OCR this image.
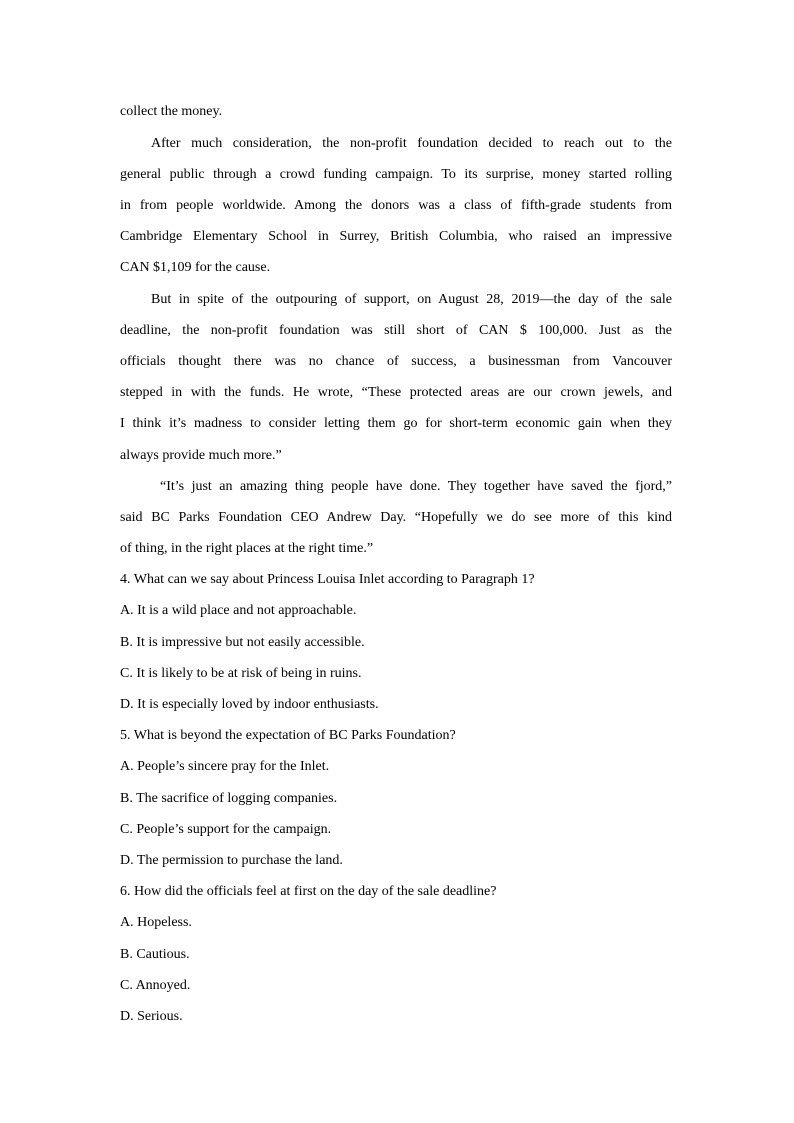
collect the money.
After much consideration, the non-profit foundation decided to reach out to the
general public through a crowd funding campaign. To its surprise, money started rolling
in from people worldwide. Among the donors was a class of fifth-grade students from
Cambridge Elementary School in Surrey, British Columbia, who raised an impressive
CAN $1,109 for the cause.
But in spite of the outpouring of support, on August 28, 2019—the day of the sale
deadline, the non-profit foundation was still short of CAN $ 100,000. Just as the
officials thought there was no chance of success, a businessman from Vancouver
stepped in with the funds. He wrote, “These protected areas are our crown jewels, and
I think it’s madness to consider letting them go for short-term economic gain when they
always provide much more.”
“It’s just an amazing thing people have done. They together have saved the fjord,”
said BC Parks Foundation CEO Andrew Day. “Hopefully we do see more of this kind
of thing, in the right places at the right time.”
4. What can we say about Princess Louisa Inlet according to Paragraph 1?
A. It is a wild place and not approachable.
B. It is impressive but not easily accessible.
C. It is likely to be at risk of being in ruins.
D. It is especially loved by indoor enthusiasts.
5. What is beyond the expectation of BC Parks Foundation?
A. People’s sincere pray for the Inlet.
B. The sacrifice of logging companies.
C. People’s support for the campaign.
D. The permission to purchase the land.
6. How did the officials feel at first on the day of the sale deadline?
A. Hopeless.
B. Cautious.
C. Annoyed.
D. Serious.
